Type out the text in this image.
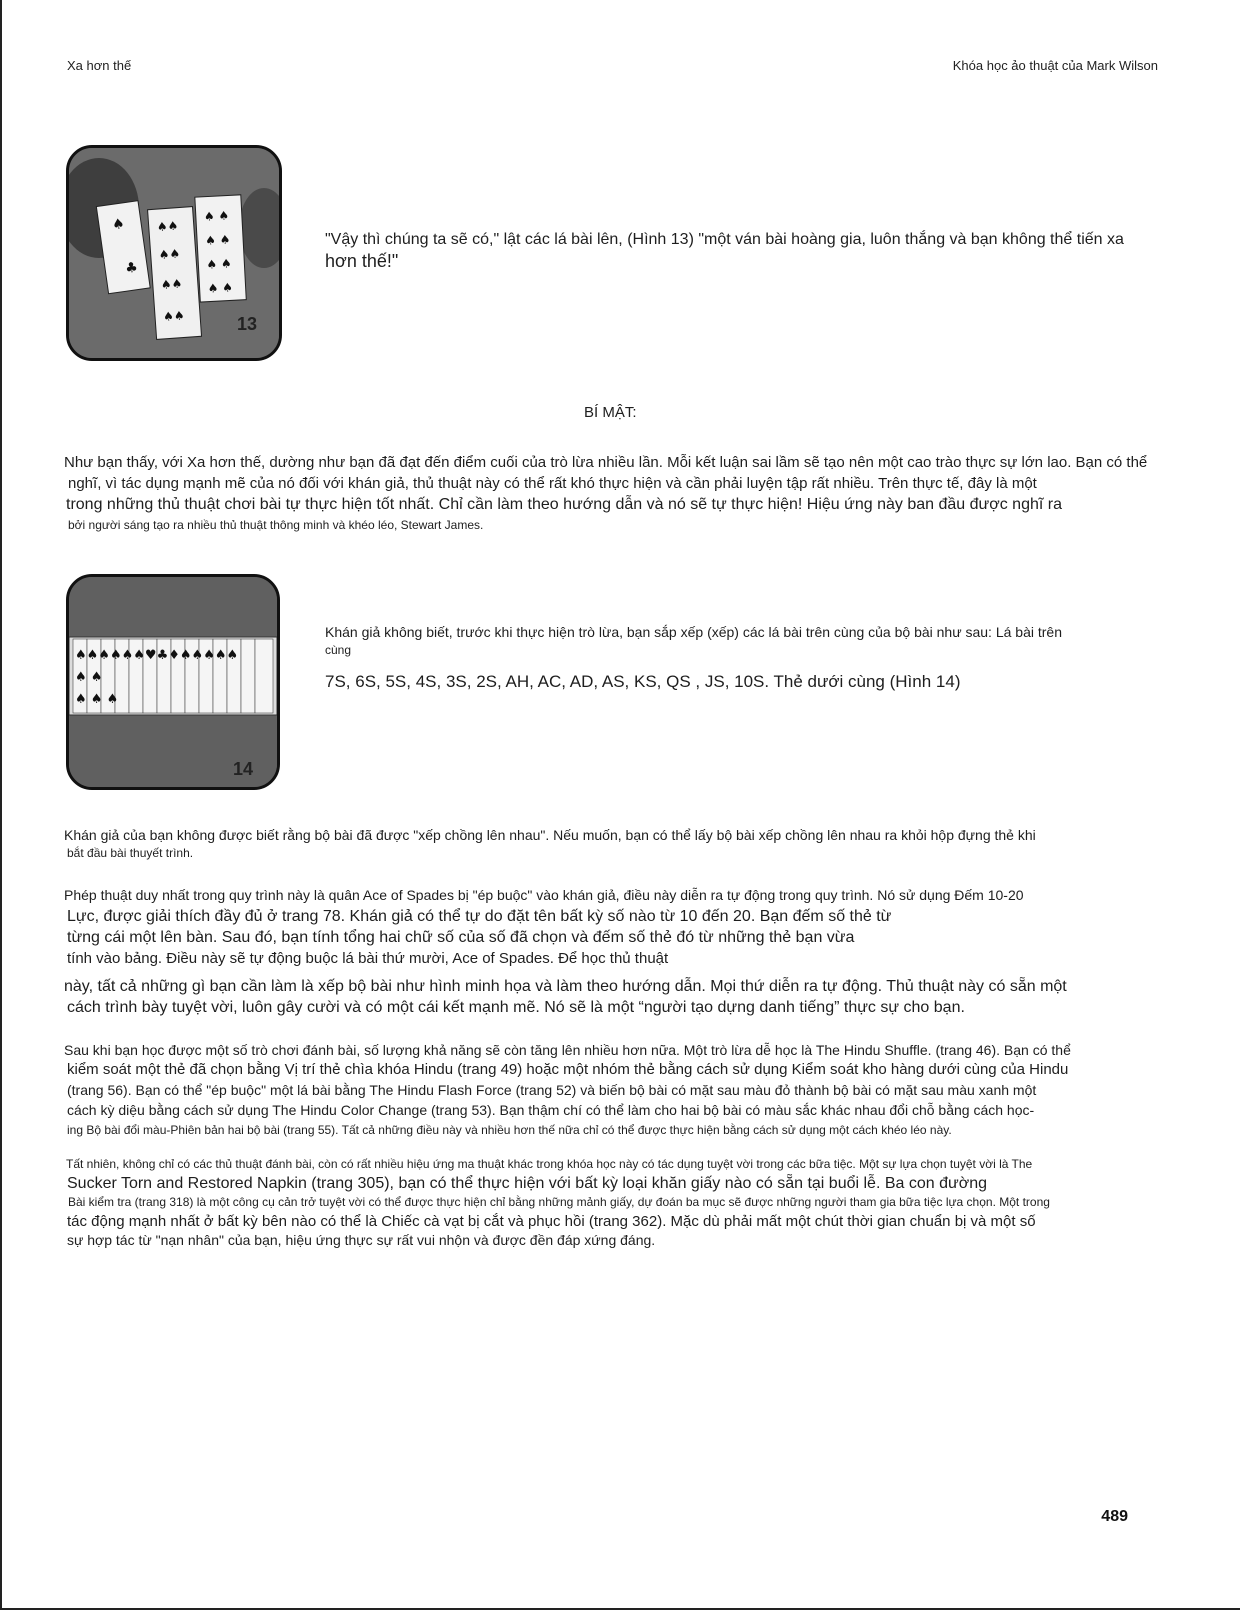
Xa hơn thế	Khóa học ảo thuật của Mark Wilson
♠
♣
♠♠
♠♠
♠♠
♠♠
♠ ♠
♠ ♠
♠ ♠
♠ ♠
13
"Vậy thì chúng ta sẽ có," lật các lá bài lên, (Hình 13) "một ván bài hoàng gia, luôn thắng và bạn không thể tiến xa
hơn thế!"
BÍ MẬT:
Như bạn thấy, với Xa hơn thế, dường như bạn đã đạt đến điểm cuối của trò lừa nhiều lần. Mỗi kết luận sai lầm sẽ tạo nên một cao trào thực sự lớn lao. Bạn có thể
nghĩ, vì tác dụng mạnh mẽ của nó đối với khán giả, thủ thuật này có thể rất khó thực hiện và cần phải luyện tập rất nhiều. Trên thực tế, đây là một
trong những thủ thuật chơi bài tự thực hiện tốt nhất. Chỉ cần làm theo hướng dẫn và nó sẽ tự thực hiện! Hiệu ứng này ban đầu được nghĩ ra
bởi người sáng tạo ra nhiều thủ thuật thông minh và khéo léo, Stewart James.
♠♠♠♠♠♠♥♣♦♠♠♠♠♠
♠ ♠
♠ ♠ ♠
14
Khán giả không biết, trước khi thực hiện trò lừa, bạn sắp xếp (xếp) các lá bài trên cùng của bộ bài như sau: Lá bài trên
cùng
7S, 6S, 5S, 4S, 3S, 2S, AH, AC, AD, AS, KS, QS , JS, 10S. Thẻ dưới cùng (Hình 14)
Khán giả của bạn không được biết rằng bộ bài đã được "xếp chồng lên nhau". Nếu muốn, bạn có thể lấy bộ bài xếp chồng lên nhau ra khỏi hộp đựng thẻ khi
bắt đầu bài thuyết trình.
Phép thuật duy nhất trong quy trình này là quân Ace of Spades bị "ép buộc" vào khán giả, điều này diễn ra tự động trong quy trình. Nó sử dụng Đếm 10-20
Lực, được giải thích đầy đủ ở trang 78. Khán giả có thể tự do đặt tên bất kỳ số nào từ 10 đến 20. Bạn đếm số thẻ từ
từng cái một lên bàn. Sau đó, bạn tính tổng hai chữ số của số đã chọn và đếm số thẻ đó từ những thẻ bạn vừa
tính vào bảng. Điều này sẽ tự động buộc lá bài thứ mười, Ace of Spades. Để học thủ thuật
này, tất cả những gì bạn cần làm là xếp bộ bài như hình minh họa và làm theo hướng dẫn. Mọi thứ diễn ra tự động. Thủ thuật này có sẵn một
cách trình bày tuyệt vời, luôn gây cười và có một cái kết mạnh mẽ. Nó sẽ là một “người tạo dựng danh tiếng” thực sự cho bạn.
Sau khi bạn học được một số trò chơi đánh bài, số lượng khả năng sẽ còn tăng lên nhiều hơn nữa. Một trò lừa dễ học là The Hindu Shuffle. (trang 46). Bạn có thể
kiểm soát một thẻ đã chọn bằng Vị trí thẻ chìa khóa Hindu (trang 49) hoặc một nhóm thẻ bằng cách sử dụng Kiểm soát kho hàng dưới cùng của Hindu
(trang 56). Bạn có thể "ép buộc" một lá bài bằng The Hindu Flash Force (trang 52) và biến bộ bài có mặt sau màu đỏ thành bộ bài có mặt sau màu xanh một
cách kỳ diệu bằng cách sử dụng The Hindu Color Change (trang 53). Bạn thậm chí có thể làm cho hai bộ bài có màu sắc khác nhau đổi chỗ bằng cách học-
ing Bộ bài đổi màu-Phiên bản hai bộ bài (trang 55). Tất cả những điều này và nhiều hơn thế nữa chỉ có thể được thực hiện bằng cách sử dụng một cách khéo léo này.
Tất nhiên, không chỉ có các thủ thuật đánh bài, còn có rất nhiều hiệu ứng ma thuật khác trong khóa học này có tác dụng tuyệt vời trong các bữa tiệc. Một sự lựa chọn tuyệt vời là The
Sucker Torn and Restored Napkin (trang 305), bạn có thể thực hiện với bất kỳ loại khăn giấy nào có sẵn tại buổi lễ. Ba con đường
Bài kiểm tra (trang 318) là một công cụ cản trở tuyệt vời có thể được thực hiện chỉ bằng những mảnh giấy, dự đoán ba mục sẽ được những người tham gia bữa tiệc lựa chọn. Một trong
tác động mạnh nhất ở bất kỳ bên nào có thể là Chiếc cà vạt bị cắt và phục hồi (trang 362). Mặc dù phải mất một chút thời gian chuẩn bị và một số
sự hợp tác từ "nạn nhân" của bạn, hiệu ứng thực sự rất vui nhộn và được đền đáp xứng đáng.
489
